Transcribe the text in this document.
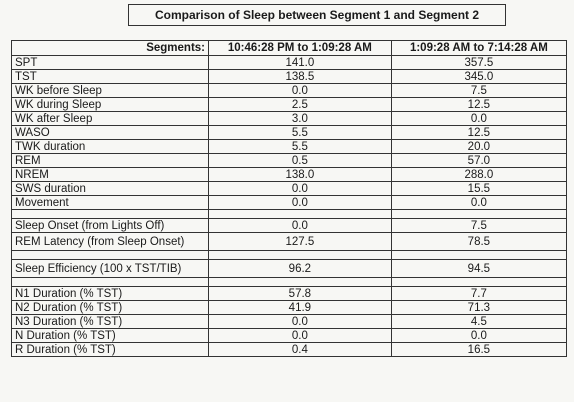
Comparison of Sleep between Segment 1 and Segment 2
Segments:	10:46:28 PM to 1:09:28 AM	1:09:28 AM to 7:14:28 AM
SPT	141.0	357.5
TST	138.5	345.0
WK before Sleep	0.0	7.5
WK during Sleep	2.5	12.5
WK after Sleep	3.0	0.0
WASO	5.5	12.5
TWK duration	5.5	20.0
REM	0.5	57.0
NREM	138.0	288.0
SWS duration	0.0	15.5
Movement	0.0	0.0

Sleep Onset (from Lights Off)	0.0	7.5
REM Latency (from Sleep Onset)	127.5	78.5

Sleep Efficiency (100 x TST/TIB)	96.2	94.5

N1 Duration (% TST)	57.8	7.7
N2 Duration (% TST)	41.9	71.3
N3 Duration (% TST)	0.0	4.5
N Duration (% TST)	0.0	0.0
R Duration (% TST)	0.4	16.5
